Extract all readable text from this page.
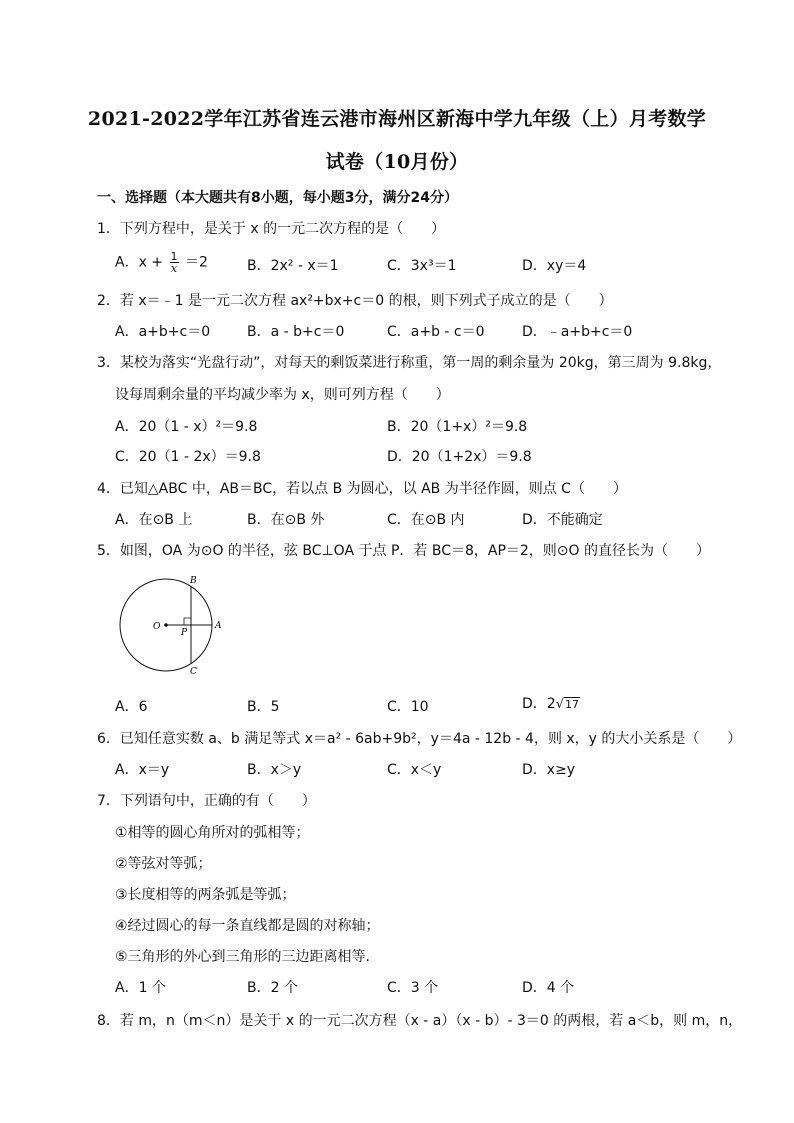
2021-2022学年江苏省连云港市海州区新海中学九年级（上）月考数学
试卷（10月份）
一、选择题（本大题共有8小题，每小题3分，满分24分）
1．下列方程中，是关于 x 的一元二次方程的是（　　）
A．$x + \frac{1}{x} =2$	B．2x² - x＝1	C．3x³＝1	D．xy＝4
2．若 x＝﹣1 是一元二次方程 ax²+bx+c＝0 的根，则下列式子成立的是（　　）
A．a+b+c＝0	B．a - b+c＝0	C．a+b - c＝0	D．﹣a+b+c＝0
3．某校为落实“光盘行动”，对每天的剩饭菜进行称重，第一周的剩余量为 20kg，第三周为 9.8kg，
设每周剩余量的平均减少率为 x，则可列方程（　　）
A．20（1 - x）²＝9.8	B．20（1+x）²＝9.8
C．20（1 - 2x）＝9.8	D．20（1+2x）＝9.8
4．已知△ABC 中，AB＝BC，若以点 B 为圆心，以 AB 为半径作圆，则点 C（　　）
A．在⊙B 上	B．在⊙B 外	C．在⊙B 内	D．不能确定
5．如图，OA 为⊙O 的半径，弦 BC⊥OA 于点 P．若 BC＝8，AP＝2，则⊙O 的直径长为（　　）
B
O
P
A
C
A．6	B．5	C．10	D．2√17
6．已知任意实数 a、b 满足等式 x＝a² - 6ab+9b²，y＝4a - 12b - 4，则 x，y 的大小关系是（　　）
A．x＝y	B．x＞y	C．x＜y	D．x≥y
7．下列语句中，正确的有（　　）
①相等的圆心角所对的弧相等；
②等弦对等弧；
③长度相等的两条弧是等弧；
④经过圆心的每一条直线都是圆的对称轴；
⑤三角形的外心到三角形的三边距离相等．
A．1 个	B．2 个	C．3 个	D．4 个
8．若 m，n（m＜n）是关于 x 的一元二次方程（x - a）（x - b）- 3＝0 的两根，若 a＜b，则 m，n，
